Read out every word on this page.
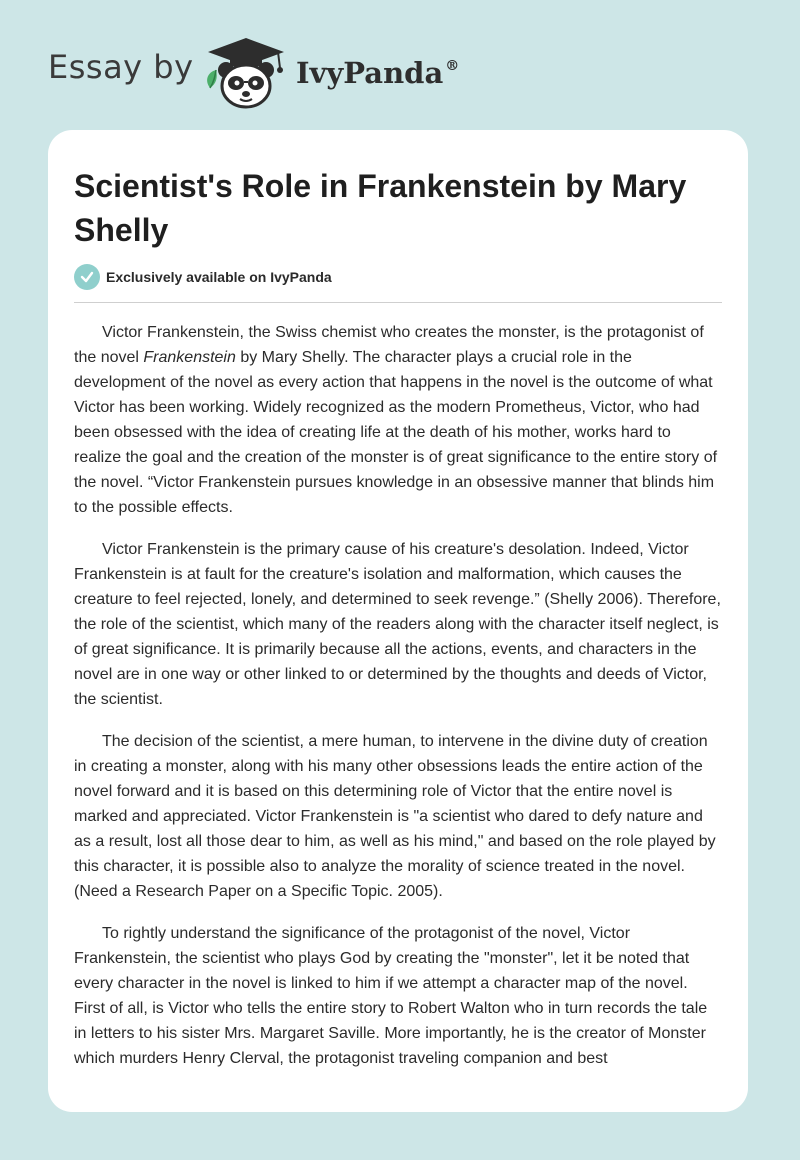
Essay by	IvyPanda ®
Scientist's Role in Frankenstein by Mary Shelly
Exclusively available on IvyPanda

Victor Frankenstein, the Swiss chemist who creates the monster, is the protagonist of the novel Frankenstein by Mary Shelly. The character plays a crucial role in the development of the novel as every action that happens in the novel is the outcome of what Victor has been working. Widely recognized as the modern Prometheus, Victor, who had been obsessed with the idea of creating life at the death of his mother, works hard to realize the goal and the creation of the monster is of great significance to the entire story of the novel. “Victor Frankenstein pursues knowledge in an obsessive manner that blinds him to the possible effects.

Victor Frankenstein is the primary cause of his creature's desolation. Indeed, Victor Frankenstein is at fault for the creature's isolation and malformation, which causes the creature to feel rejected, lonely, and determined to seek revenge.” (Shelly 2006). Therefore, the role of the scientist, which many of the readers along with the character itself neglect, is of great significance. It is primarily because all the actions, events, and characters in the novel are in one way or other linked to or determined by the thoughts and deeds of Victor, the scientist.

The decision of the scientist, a mere human, to intervene in the divine duty of creation in creating a monster, along with his many other obsessions leads the entire action of the novel forward and it is based on this determining role of Victor that the entire novel is marked and appreciated. Victor Frankenstein is "a scientist who dared to defy nature and as a result, lost all those dear to him, as well as his mind," and based on the role played by this character, it is possible also to analyze the morality of science treated in the novel. (Need a Research Paper on a Specific Topic. 2005).

To rightly understand the significance of the protagonist of the novel, Victor Frankenstein, the scientist who plays God by creating the "monster", let it be noted that every character in the novel is linked to him if we attempt a character map of the novel. First of all, is Victor who tells the entire story to Robert Walton who in turn records the tale in letters to his sister Mrs. Margaret Saville. More importantly, he is the creator of Monster which murders Henry Clerval, the protagonist traveling companion and best
